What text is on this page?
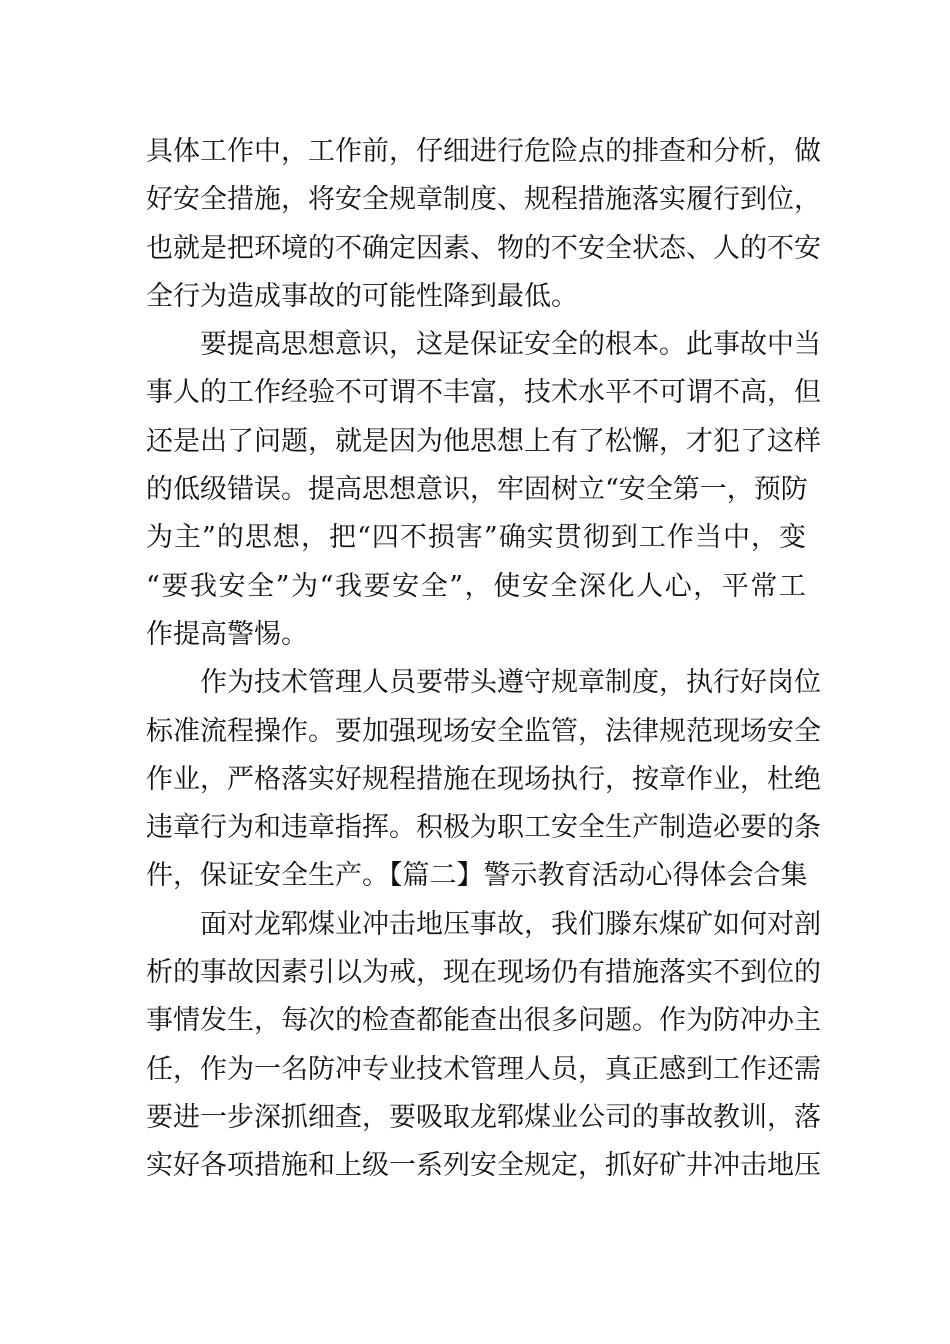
具体工作中，工作前，仔细进行危险点的排查和分析，做
好安全措施，将安全规章制度、规程措施落实履行到位，
也就是把环境的不确定因素、物的不安全状态、人的不安
全行为造成事故的可能性降到最低。
要提高思想意识，这是保证安全的根本。此事故中当
事人的工作经验不可谓不丰富，技术水平不可谓不高，但
还是出了问题，就是因为他思想上有了松懈，才犯了这样
的低级错误。提高思想意识，牢固树立“安全第一，预防
为主”的思想，把“四不损害”确实贯彻到工作当中，变
“要我安全”为“我要安全”，使安全深化人心，平常工
作提高警惕。
作为技术管理人员要带头遵守规章制度，执行好岗位
标准流程操作。要加强现场安全监管，法律规范现场安全
作业，严格落实好规程措施在现场执行，按章作业，杜绝
违章行为和违章指挥。积极为职工安全生产制造必要的条
件，保证安全生产。【篇二】警示教育活动心得体会合集
面对龙郓煤业冲击地压事故，我们滕东煤矿如何对剖
析的事故因素引以为戒，现在现场仍有措施落实不到位的
事情发生，每次的检查都能查出很多问题。作为防冲办主
任，作为一名防冲专业技术管理人员，真正感到工作还需
要进一步深抓细查，要吸取龙郓煤业公司的事故教训，落
实好各项措施和上级一系列安全规定，抓好矿井冲击地压
